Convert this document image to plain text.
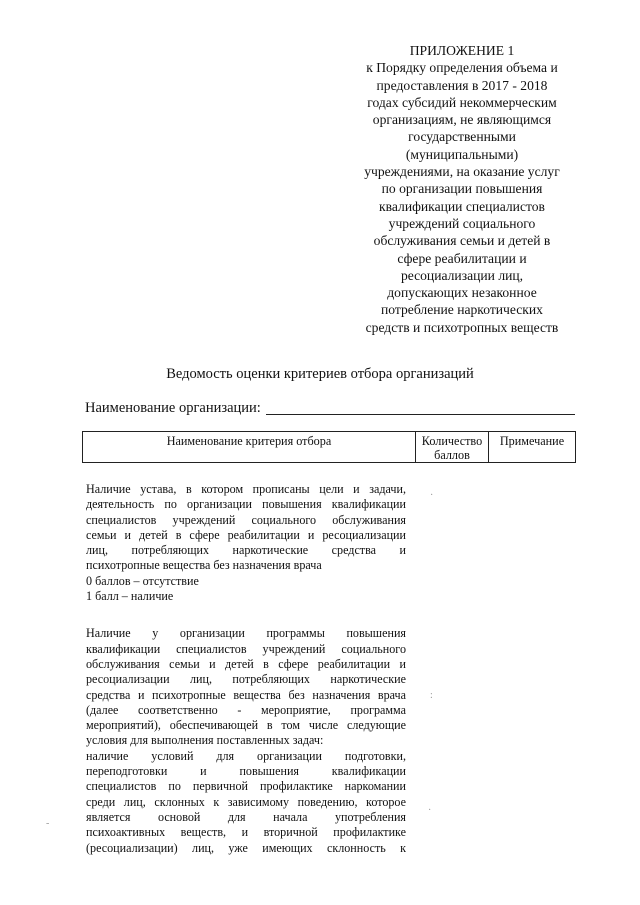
ПРИЛОЖЕНИЕ 1
к Порядку определения объема и
предоставления в 2017 - 2018
годах субсидий некоммерческим
организациям, не являющимся
государственными
(муниципальными)
учреждениями, на оказание услуг
по организации повышения
квалификации специалистов
учреждений социального
обслуживания семьи и детей в
сфере реабилитации и
ресоциализации лиц,
допускающих незаконное
потребление наркотических
средств и психотропных веществ
Ведомость оценки критериев отбора организаций
Наименование организации:
Наименование критерия отбора	Количество баллов	Примечание
Наличие устава, в котором прописаны цели и задачи,
деятельность по организации повышения квалификации
специалистов учреждений социального обслуживания
семьи и детей в сфере реабилитации и ресоциализации
лиц, потребляющих наркотические средства и
психотропные вещества без назначения врача
0 баллов – отсутствие
1 балл – наличие
Наличие у организации программы повышения
квалификации специалистов учреждений социального
обслуживания семьи и детей в сфере реабилитации и
ресоциализации лиц, потребляющих наркотические
средства и психотропные вещества без назначения врача
(далее соответственно - мероприятие, программа
мероприятий), обеспечивающей в том числе следующие
условия для выполнения поставленных задач:
наличие условий для организации подготовки,
переподготовки и повышения квалификации
специалистов по первичной профилактике наркомании
среди лиц, склонных к зависимому поведению, которое
является основой для начала употребления
психоактивных веществ, и вторичной профилактике
(ресоциализации) лиц, уже имеющих склонность к
·
:
·
-
